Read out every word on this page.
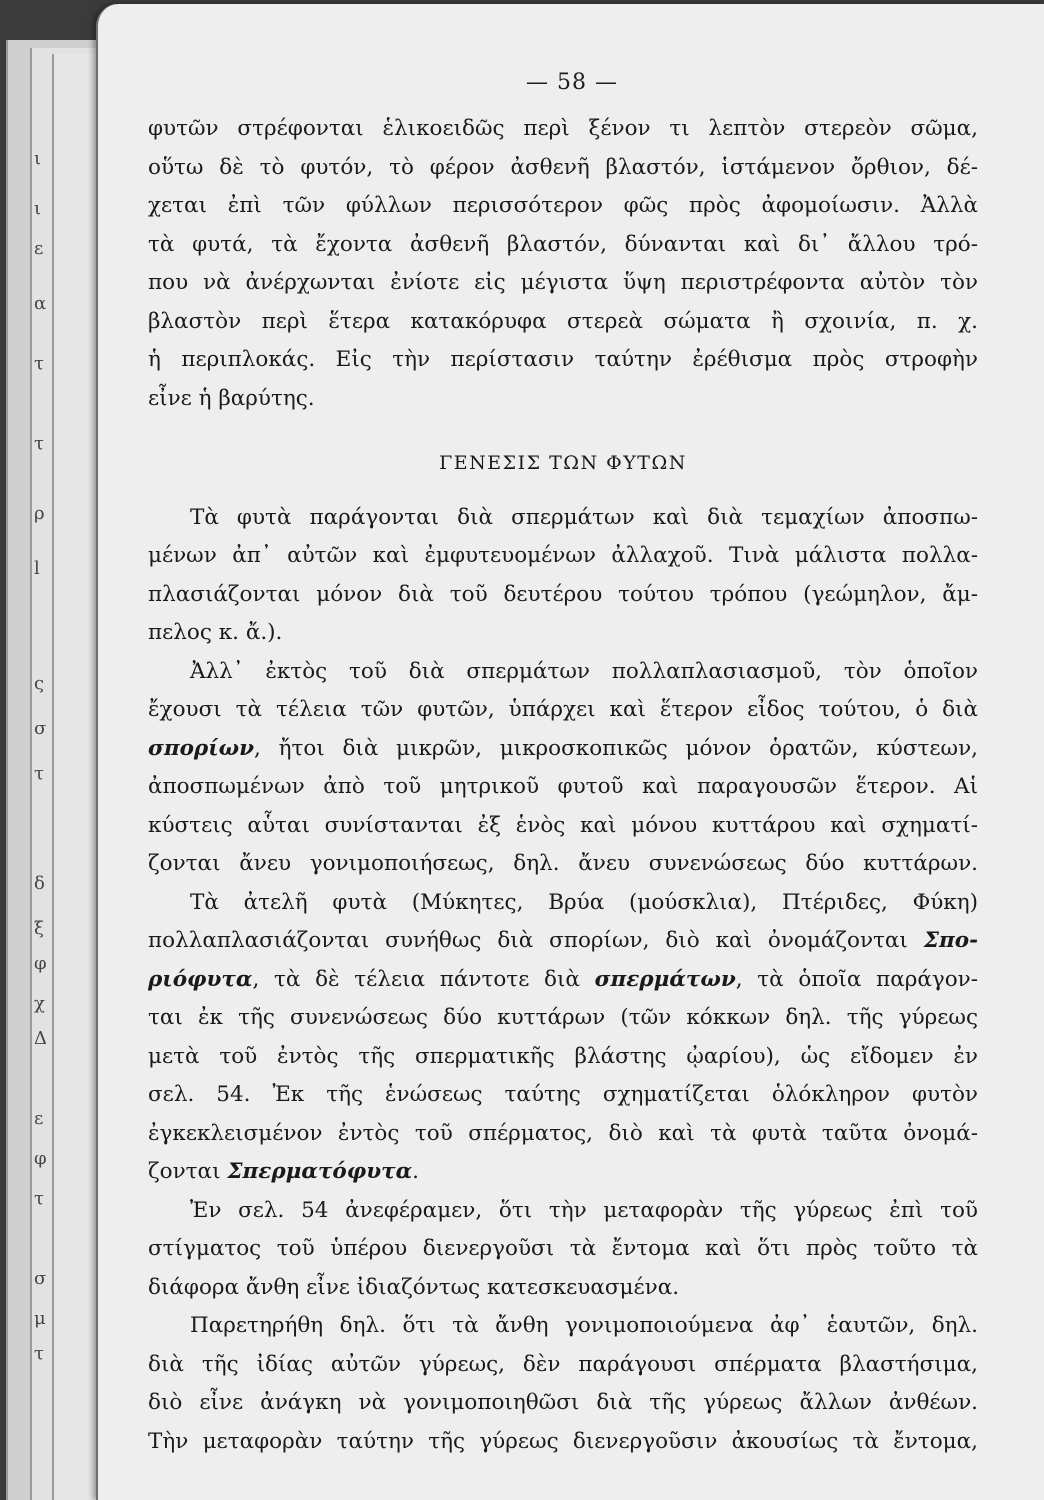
ι
ι
ε
α
τ
τ
ρ
l
ς
σ
τ
δ
ξ
φ
χ
Δ
ε
φ
τ
σ
μ
τ
— 58 —
φυτῶν στρέφονται ἑλικοειδῶς περὶ ξένον τι λεπτὸν στερεὸν σῶμα,
οὕτω δὲ τὸ φυτόν, τὸ φέρον ἀσθενῆ βλαστόν, ἱστάμενον ὄρθιον, δέ-
χεται ἐπὶ τῶν φύλλων περισσότερον φῶς πρὸς ἀφομοίωσιν. Ἀλλὰ
τὰ φυτά, τὰ ἔχοντα ἀσθενῆ βλαστόν, δύνανται καὶ δι᾽ ἄλλου τρό-
που νὰ ἀνέρχωνται ἐνίοτε εἰς μέγιστα ὕψη περιστρέφοντα αὐτὸν τὸν
βλαστὸν περὶ ἕτερα κατακόρυφα στερεὰ σώματα ἢ σχοινία, π. χ.
ἡ περιπλοκάς. Εἰς τὴν περίστασιν ταύτην ἐρέθισμα πρὸς στροφὴν
εἶνε ἡ βαρύτης.
ΓΕΝΕΣΙΣ ΤΩΝ ΦΥΤΩΝ
Τὰ φυτὰ παράγονται διὰ σπερμάτων καὶ διὰ τεμαχίων ἀποσπω-
μένων ἀπ᾽ αὐτῶν καὶ ἐμφυτευομένων ἀλλαχοῦ. Τινὰ μάλιστα πολλα-
πλασιάζονται μόνον διὰ τοῦ δευτέρου τούτου τρόπου (γεώμηλον, ἄμ-
πελος κ. ἄ.).
Ἀλλ᾽ ἐκτὸς τοῦ διὰ σπερμάτων πολλαπλασιασμοῦ, τὸν ὁποῖον
ἔχουσι τὰ τέλεια τῶν φυτῶν, ὑπάρχει καὶ ἕτερον εἶδος τούτου, ὁ διὰ
σπορίων, ἤτοι διὰ μικρῶν, μικροσκοπικῶς μόνον ὁρατῶν, κύστεων,
ἀποσπωμένων ἀπὸ τοῦ μητρικοῦ φυτοῦ καὶ παραγουσῶν ἕτερον. Αἱ
κύστεις αὗται συνίστανται ἐξ ἑνὸς καὶ μόνου κυττάρου καὶ σχηματί-
ζονται ἄνευ γονιμοποιήσεως, δηλ. ἄνευ συνενώσεως δύο κυττάρων.
Τὰ ἀτελῆ φυτὰ (Μύκητες, Βρύα (μούσκλια), Πτέριδες, Φύκη)
πολλαπλασιάζονται συνήθως διὰ σπορίων, διὸ καὶ ὀνομάζονται Σπο-
ριόφυτα, τὰ δὲ τέλεια πάντοτε διὰ σπερμάτων, τὰ ὁποῖα παράγον-
ται ἐκ τῆς συνενώσεως δύο κυττάρων (τῶν κόκκων δηλ. τῆς γύρεως
μετὰ τοῦ ἐντὸς τῆς σπερματικῆς βλάστης ᾠαρίου), ὡς εἴδομεν ἐν
σελ. 54. Ἐκ τῆς ἑνώσεως ταύτης σχηματίζεται ὁλόκληρον φυτὸν
ἐγκεκλεισμένον ἐντὸς τοῦ σπέρματος, διὸ καὶ τὰ φυτὰ ταῦτα ὀνομά-
ζονται Σπερματόφυτα.
Ἐν σελ. 54 ἀνεφέραμεν, ὅτι τὴν μεταφορὰν τῆς γύρεως ἐπὶ τοῦ
στίγματος τοῦ ὑπέρου διενεργοῦσι τὰ ἔντομα καὶ ὅτι πρὸς τοῦτο τὰ
διάφορα ἄνθη εἶνε ἰδιαζόντως κατεσκευασμένα.
Παρετηρήθη δηλ. ὅτι τὰ ἄνθη γονιμοποιούμενα ἀφ᾽ ἑαυτῶν, δηλ.
διὰ τῆς ἰδίας αὐτῶν γύρεως, δὲν παράγουσι σπέρματα βλαστήσιμα,
διὸ εἶνε ἀνάγκη νὰ γονιμοποιηθῶσι διὰ τῆς γύρεως ἄλλων ἀνθέων.
Τὴν μεταφορὰν ταύτην τῆς γύρεως διενεργοῦσιν ἀκουσίως τὰ ἔντομα,
